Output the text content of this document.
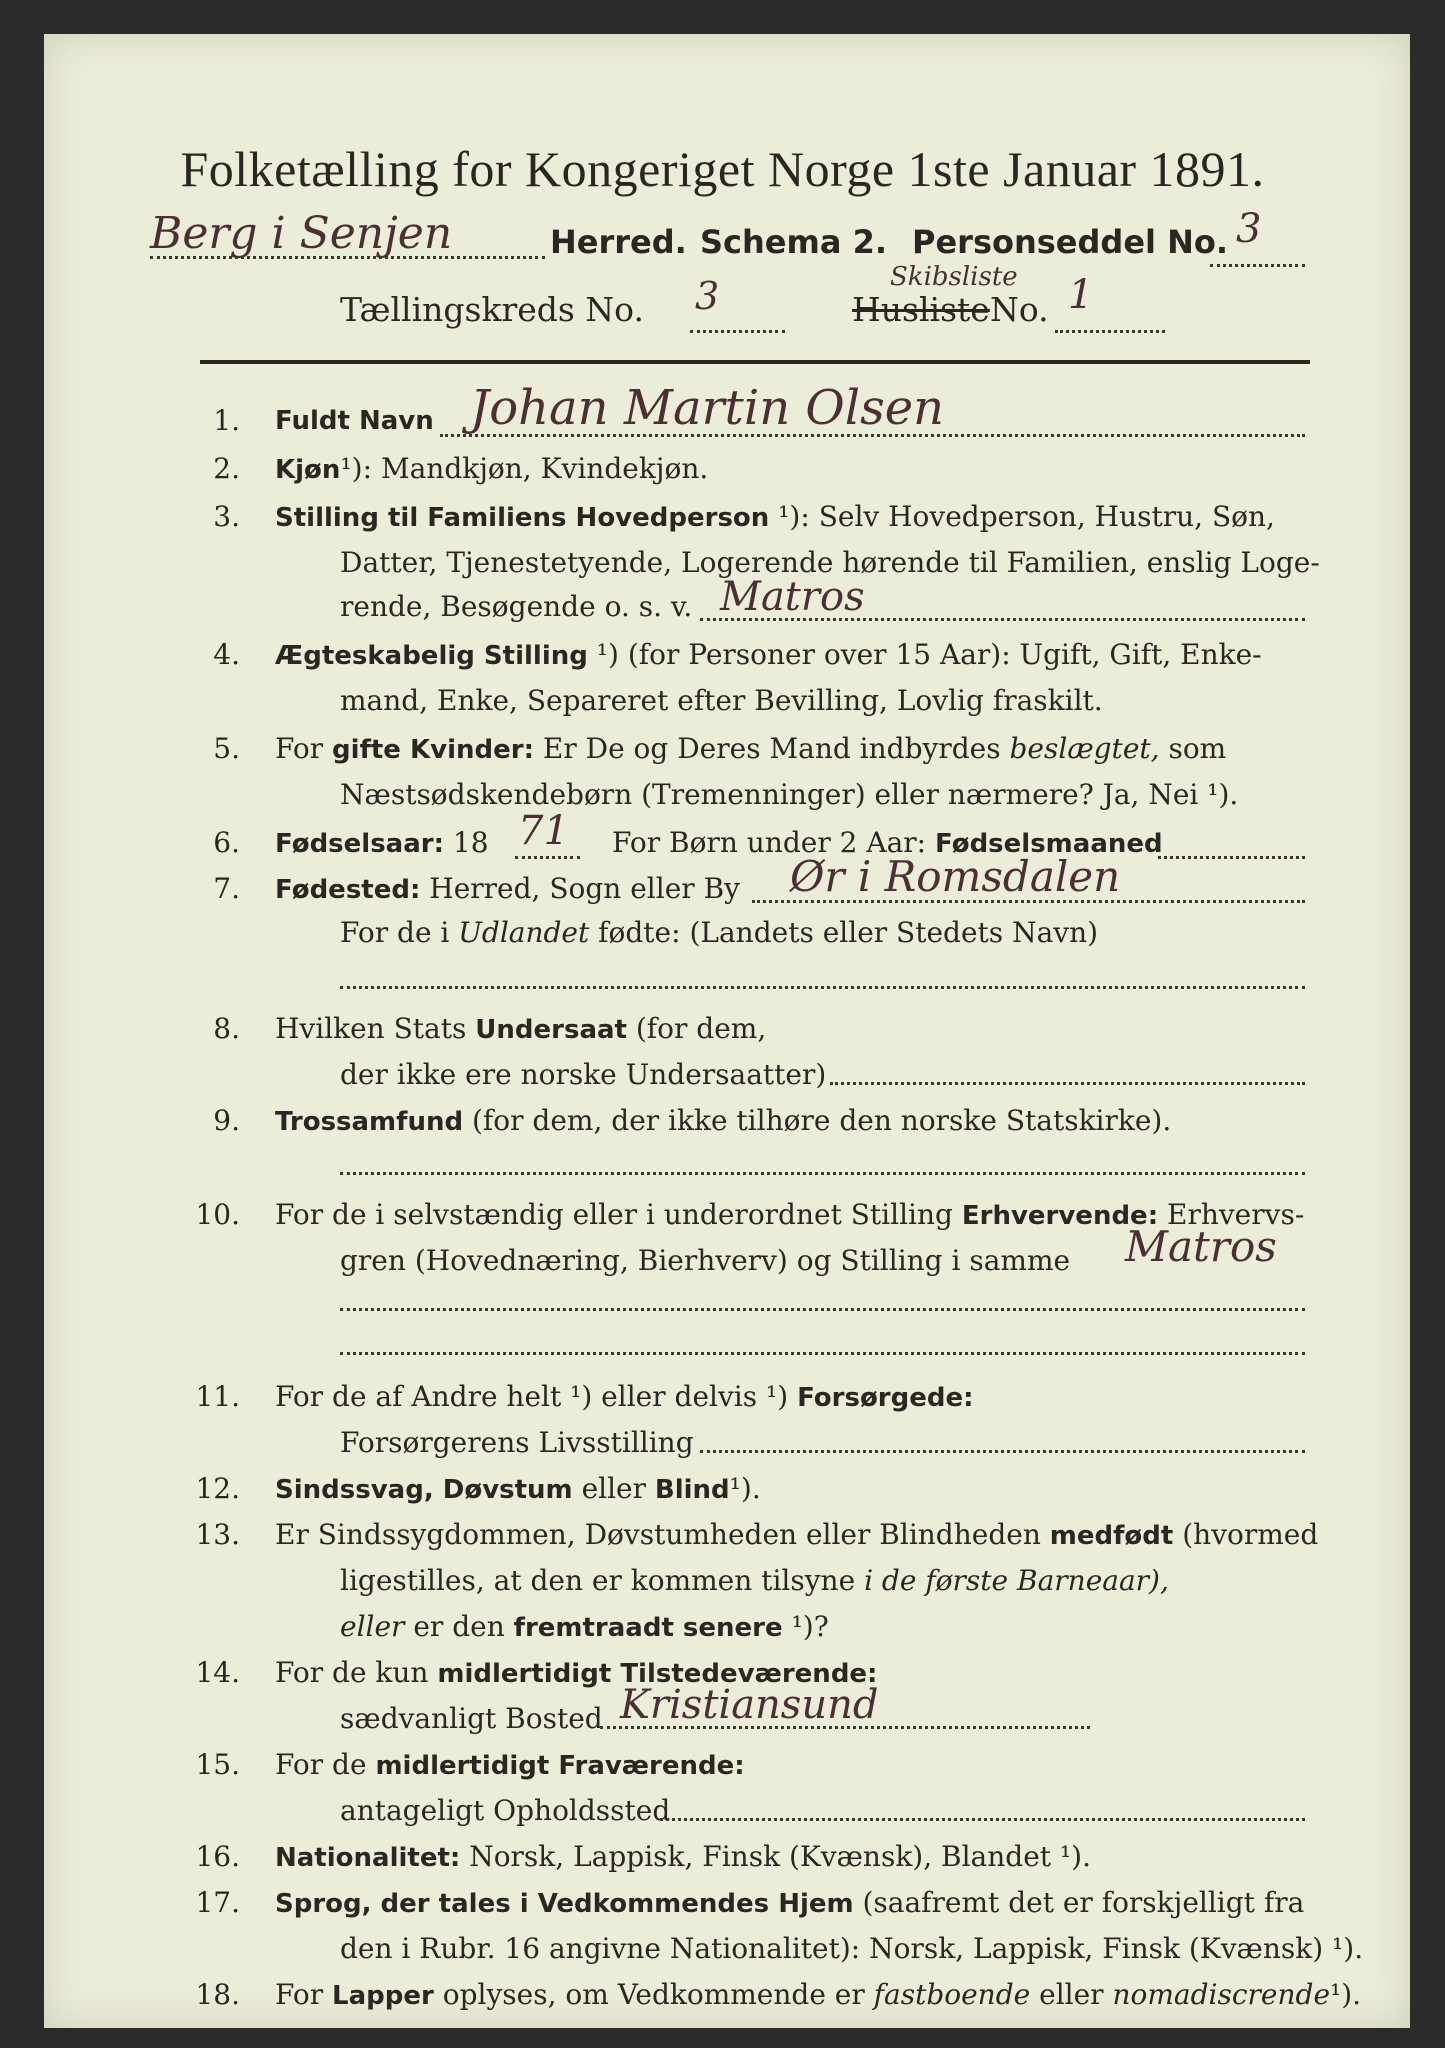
Folketælling for Kongeriget Norge 1ste Januar 1891.
Berg i Senjen	Herred. Schema 2. Personseddel No. 3
Tællingskreds No. 3	Skibsliste
Husliste No. 1
1. Fuldt Navn Johan Martin Olsen
2. Kjøn¹): Mandkjøn, Kvindekjøn.
3. Stilling til Familiens Hovedperson ¹): Selv Hovedperson, Hustru, Søn,
Datter, Tjenestetyende, Logerende hørende til Familien, enslig Loge-
rende, Besøgende o. s. v. Matros
4. Ægteskabelig Stilling ¹) (for Personer over 15 Aar): Ugift, Gift, Enke-
mand, Enke, Separeret efter Bevilling, Lovlig fraskilt.
5. For gifte Kvinder: Er De og Deres Mand indbyrdes beslægtet, som
Næstsødskendebørn (Tremenninger) eller nærmere? Ja, Nei ¹).
6. Fødselsaar: 18 71 For Børn under 2 Aar: Fødselsmaaned
7. Fødested: Herred, Sogn eller By Ør i Romsdalen
For de i Udlandet fødte: (Landets eller Stedets Navn)
8. Hvilken Stats Undersaat (for dem,
der ikke ere norske Undersaatter)
9. Trossamfund (for dem, der ikke tilhøre den norske Statskirke).
10. For de i selvstændig eller i underordnet Stilling Erhvervende: Erhvervs-
gren (Hovednæring, Bierhverv) og Stilling i samme Matros
11. For de af Andre helt ¹) eller delvis ¹) Forsørgede:
Forsørgerens Livsstilling
12. Sindssvag, Døvstum eller Blind¹).
13. Er Sindssygdommen, Døvstumheden eller Blindheden medfødt (hvormed
ligestilles, at den er kommen tilsyne i de første Barneaar),
eller er den fremtraadt senere ¹)?
14. For de kun midlertidigt Tilstedeværende:
sædvanligt Bosted Kristiansund
15. For de midlertidigt Fraværende:
antageligt Opholdssted
16. Nationalitet: Norsk, Lappisk, Finsk (Kvænsk), Blandet ¹).
17. Sprog, der tales i Vedkommendes Hjem (saafremt det er forskjelligt fra
den i Rubr. 16 angivne Nationalitet): Norsk, Lappisk, Finsk (Kvænsk) ¹).
18. For Lapper oplyses, om Vedkommende er fastboende eller nomadiscrende¹).
